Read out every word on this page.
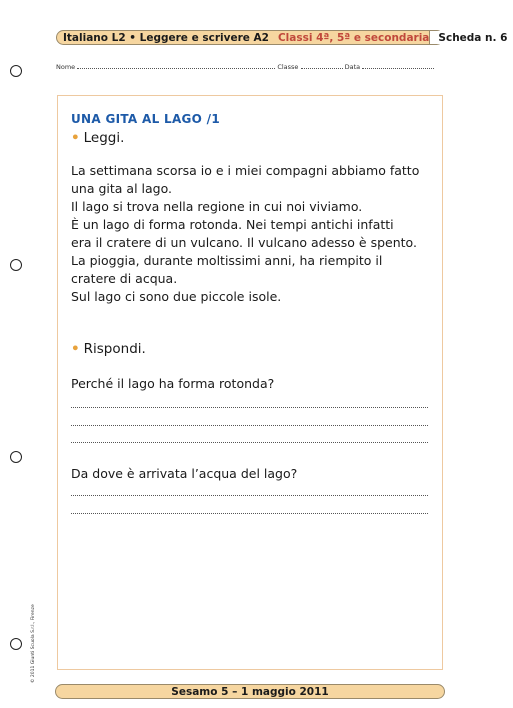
Italiano L2 • Leggere e scrivere A2 Classi 4ª, 5ª e secondaria Scheda n. 6
Nome	Classe	Data
UNA GITA AL LAGO /1
• Leggi.
La settimana scorsa io e i miei compagni abbiamo fatto
una gita al lago.
Il lago si trova nella regione in cui noi viviamo.
È un lago di forma rotonda. Nei tempi antichi infatti
era il cratere di un vulcano. Il vulcano adesso è spento.
La pioggia, durante moltissimi anni, ha riempito il
cratere di acqua.
Sul lago ci sono due piccole isole.
• Rispondi.
Perché il lago ha forma rotonda?
Da dove è arrivata l’acqua del lago?
© 2011 Giunti Scuola S.r.l., Firenze
Sesamo 5 – 1 maggio 2011
